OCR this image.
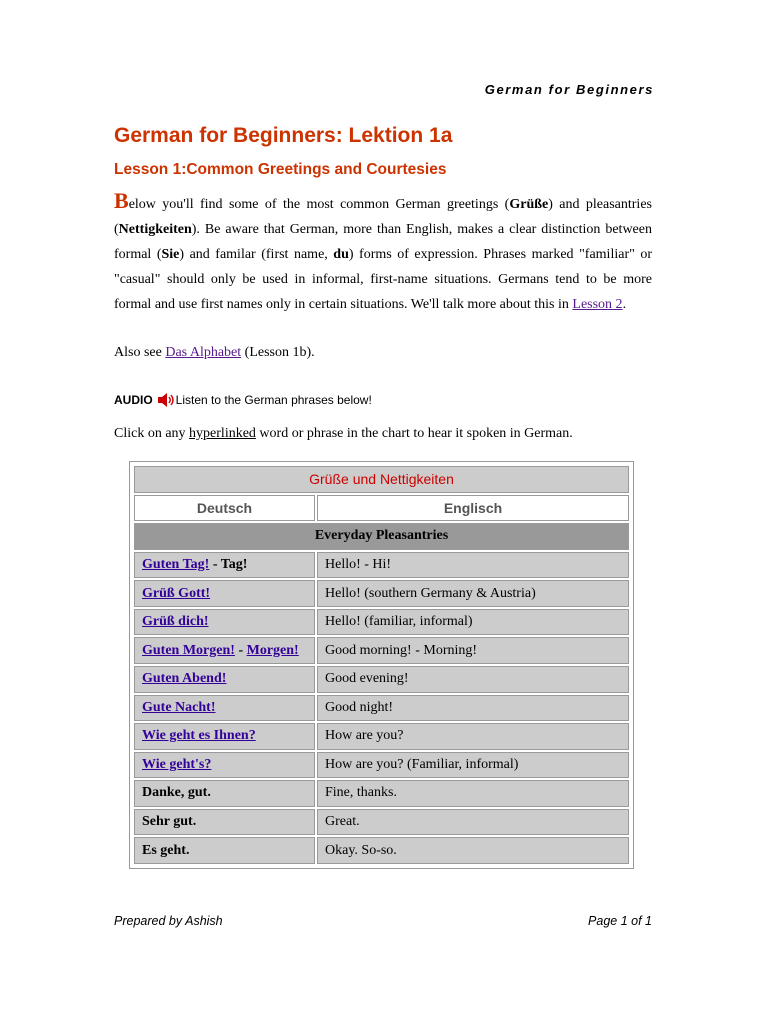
German for Beginners
German for Beginners: Lektion 1a
Lesson 1:Common Greetings and Courtesies

Below you'll find some of the most common German greetings (Grüße) and pleasantries (Nettigkeiten). Be aware that German, more than English, makes a clear distinction between formal (Sie) and familar (first name, du) forms of expression. Phrases marked "familiar" or "casual" should only be used in informal, first-name situations. Germans tend to be more formal and use first names only in certain situations. We'll talk more about this in Lesson 2.

Also see Das Alphabet (Lesson 1b).
AUDIO Listen to the German phrases below!
Click on any hyperlinked word or phrase in the chart to hear it spoken in German.
Grüße und Nettigkeiten	
Deutsch	Englisch
Everyday Pleasantries	
Guten Tag! - Tag!	Hello! - Hi!
Grüß Gott!	Hello! (southern Germany & Austria)
Grüß dich!	Hello! (familiar, informal)
Guten Morgen! - Morgen!	Good morning! - Morning!
Guten Abend!	Good evening!
Gute Nacht!	Good night!
Wie geht es Ihnen?	How are you?
Wie geht's?	How are you? (Familiar, informal)
Danke, gut.	Fine, thanks.
Sehr gut.	Great.
Es geht.	Okay. So-so.
Prepared by Ashish	Page 1 of 1
